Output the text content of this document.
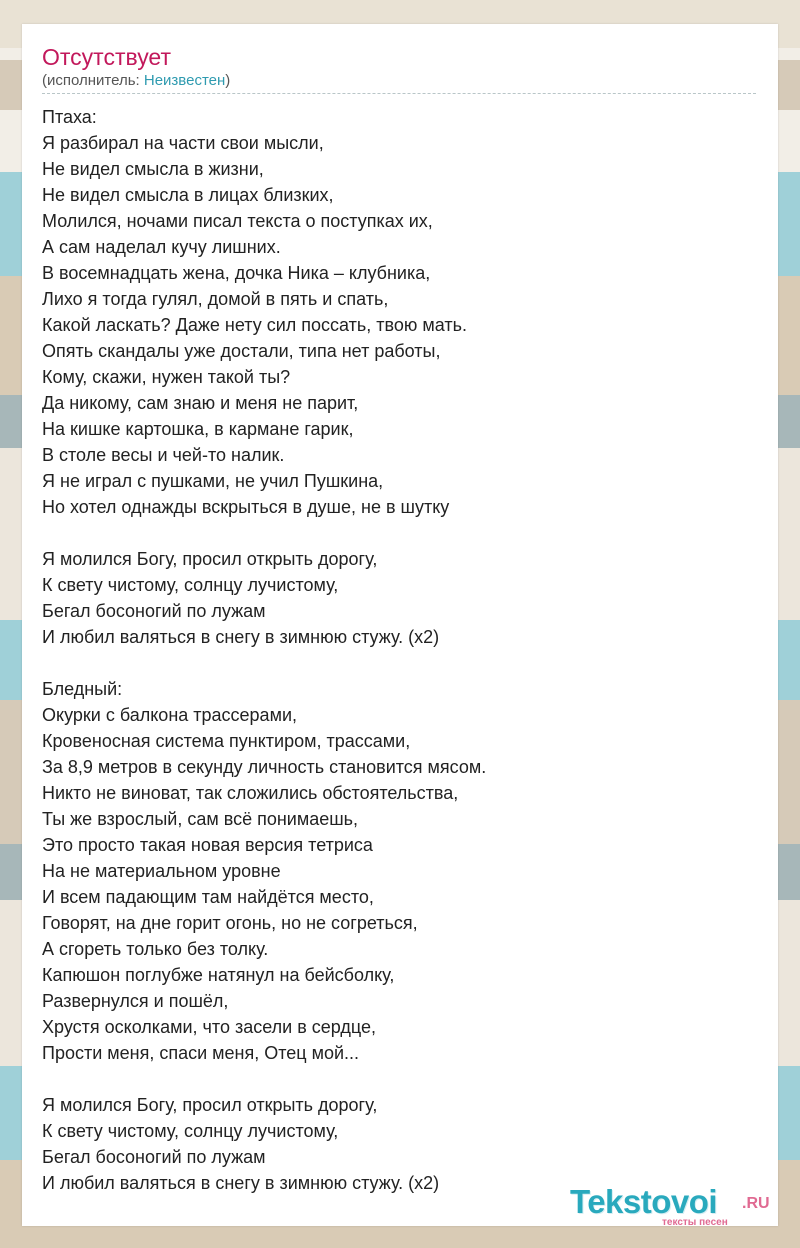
Отсутствует
(исполнитель: Неизвестен)
Птаха:
Я разбирал на части свои мысли,
Не видел смысла в жизни,
Не видел смысла в лицах близких,
Молился, ночами писал текста о поступках их,
А сам наделал кучу лишних.
В восемнадцать жена, дочка Ника – клубника,
Лихо я тогда гулял, домой в пять и спать,
Какой ласкать? Даже нету сил поссать, твою мать.
Опять скандалы уже достали, типа нет работы,
Кому, скажи, нужен такой ты?
Да никому, сам знаю и меня не парит,
На кишке картошка, в кармане гарик,
В столе весы и чей-то налик.
Я не играл с пушками, не учил Пушкина,
Но хотел однажды вскрыться в душе, не в шутку
Я молился Богу, просил открыть дорогу,
К свету чистому, солнцу лучистому,
Бегал босоногий по лужам
И любил валяться в снегу в зимнюю стужу. (x2)
Бледный:
Окурки с балкона трассерами,
Кровеносная система пунктиром, трассами,
За 8,9 метров в секунду личность становится мясом.
Никто не виноват, так сложились обстоятельства,
Ты же взрослый, сам всё понимаешь,
Это просто такая новая версия тетриса
На не материальном уровне
И всем падающим там найдётся место,
Говорят, на дне горит огонь, но не согреться,
А сгореть только без толку.
Капюшон поглубже натянул на бейсболку,
Развернулся и пошёл,
Хрустя осколками, что засели в сердце,
Прости меня, спаси меня, Отец мой...
Я молился Богу, просил открыть дорогу,
К свету чистому, солнцу лучистому,
Бегал босоногий по лужам
И любил валяться в снегу в зимнюю стужу. (x2)	Tekstovoi .RU
тексты песен
